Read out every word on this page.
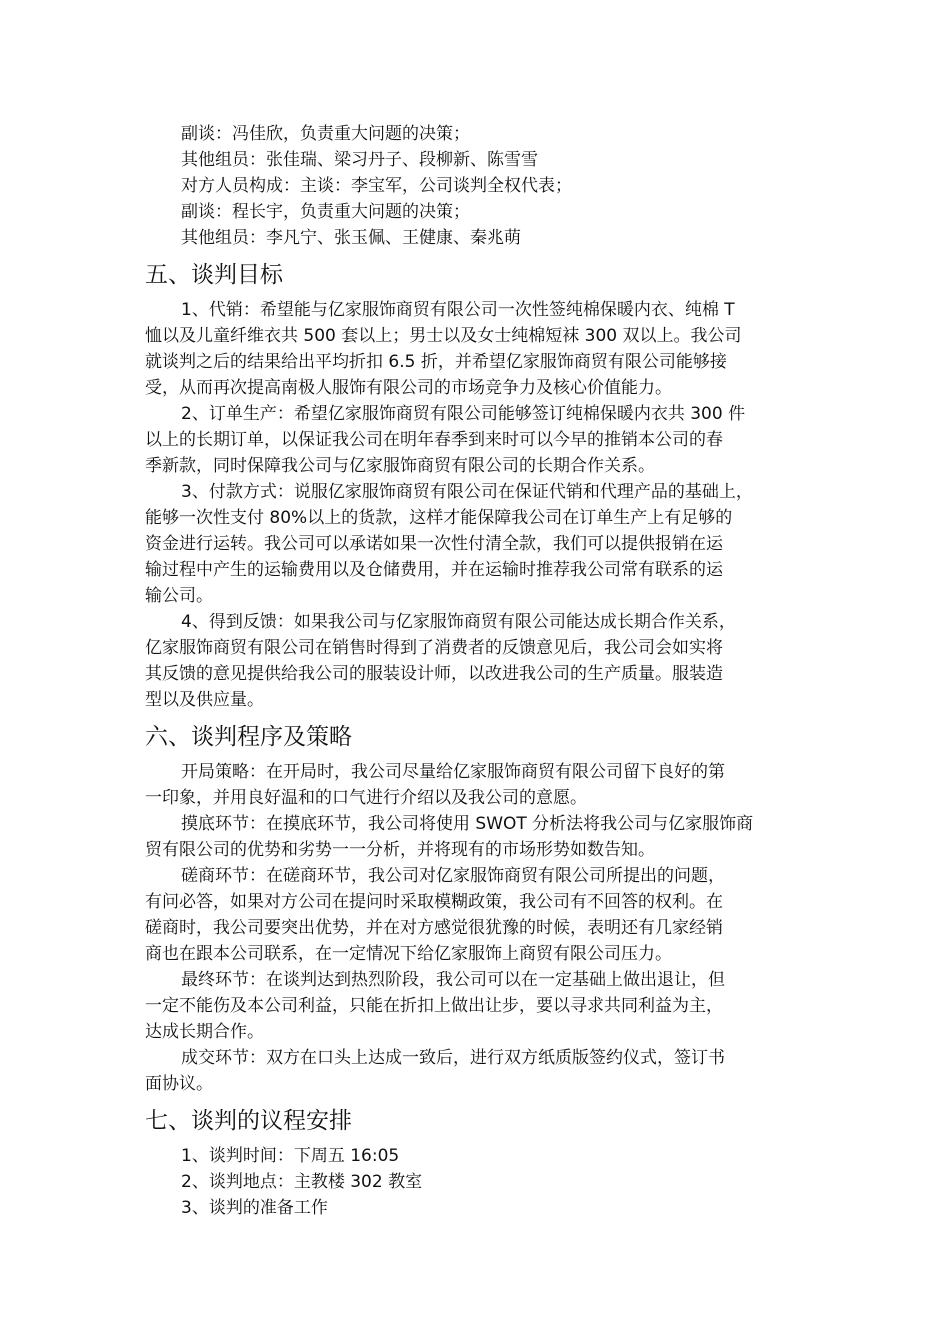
副谈：冯佳欣，负责重大问题的决策；
其他组员：张佳瑞、梁习丹子、段柳新、陈雪雪
对方人员构成：主谈：李宝军，公司谈判全权代表；
副谈：程长宇，负责重大问题的决策；
其他组员：李凡宁、张玉佩、王健康、秦兆萌
五、谈判目标
1、代销：希望能与亿家服饰商贸有限公司一次性签纯棉保暖内衣、纯棉 T
恤以及儿童纤维衣共 500 套以上；男士以及女士纯棉短袜 300 双以上。我公司
就谈判之后的结果给出平均折扣 6.5 折，并希望亿家服饰商贸有限公司能够接
受，从而再次提高南极人服饰有限公司的市场竞争力及核心价值能力。
2、订单生产：希望亿家服饰商贸有限公司能够签订纯棉保暖内衣共 300 件
以上的长期订单，以保证我公司在明年春季到来时可以今早的推销本公司的春
季新款，同时保障我公司与亿家服饰商贸有限公司的长期合作关系。
3、付款方式：说服亿家服饰商贸有限公司在保证代销和代理产品的基础上，
能够一次性支付 80%以上的货款，这样才能保障我公司在订单生产上有足够的
资金进行运转。我公司可以承诺如果一次性付清全款，我们可以提供报销在运
输过程中产生的运输费用以及仓储费用，并在运输时推荐我公司常有联系的运
输公司。
4、得到反馈：如果我公司与亿家服饰商贸有限公司能达成长期合作关系，
亿家服饰商贸有限公司在销售时得到了消费者的反馈意见后，我公司会如实将
其反馈的意见提供给我公司的服装设计师，以改进我公司的生产质量。服装造
型以及供应量。
六、谈判程序及策略
开局策略：在开局时，我公司尽量给亿家服饰商贸有限公司留下良好的第
一印象，并用良好温和的口气进行介绍以及我公司的意愿。
摸底环节：在摸底环节，我公司将使用 SWOT 分析法将我公司与亿家服饰商
贸有限公司的优势和劣势一一分析，并将现有的市场形势如数告知。
磋商环节：在磋商环节，我公司对亿家服饰商贸有限公司所提出的问题，
有问必答，如果对方公司在提问时采取模糊政策，我公司有不回答的权利。在
磋商时，我公司要突出优势，并在对方感觉很犹豫的时候，表明还有几家经销
商也在跟本公司联系，在一定情况下给亿家服饰上商贸有限公司压力。
最终环节：在谈判达到热烈阶段，我公司可以在一定基础上做出退让，但
一定不能伤及本公司利益，只能在折扣上做出让步，要以寻求共同利益为主，
达成长期合作。
成交环节：双方在口头上达成一致后，进行双方纸质版签约仪式，签订书
面协议。
七、谈判的议程安排
1、谈判时间：下周五 16:05
2、谈判地点：主教楼 302 教室
3、谈判的准备工作
